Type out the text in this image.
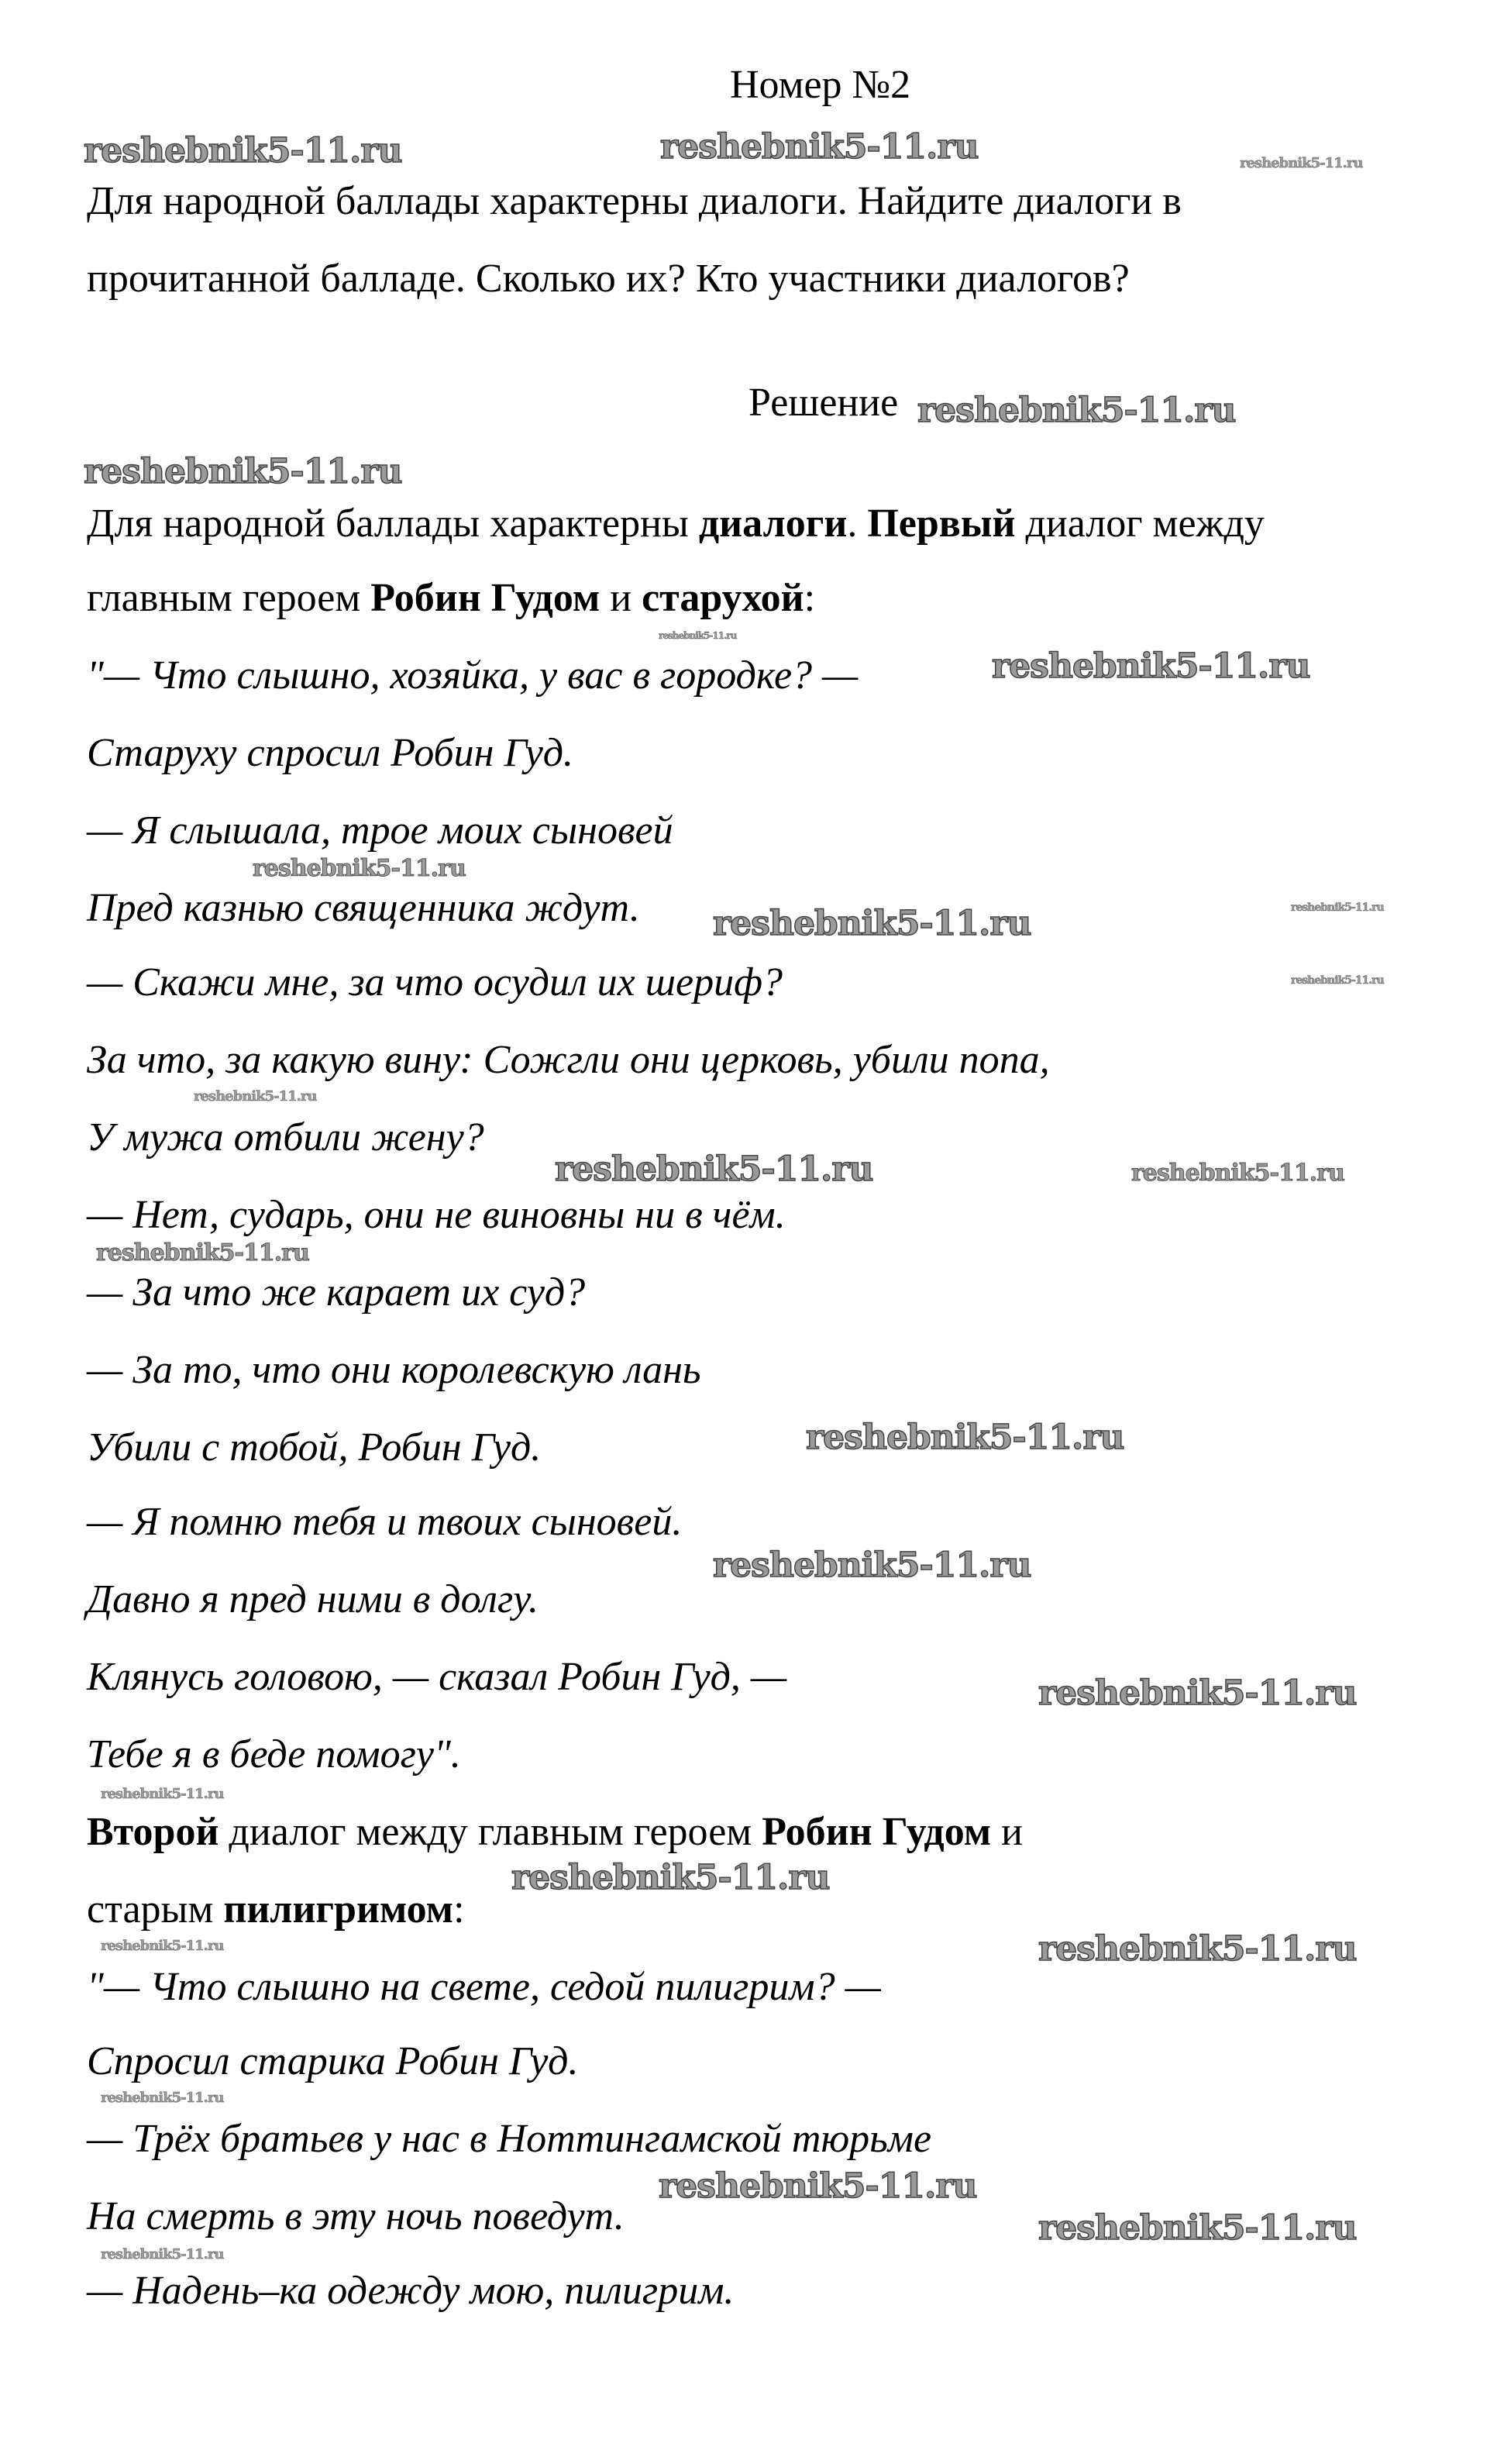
Номер №2
Для народной баллады характерны диалоги. Найдите диалоги в
прочитанной балладе. Сколько их? Кто участники диалогов?
Решение
Для народной баллады характерны диалоги. Первый диалог между
главным героем Робин Гудом и старухой:
"— Что слышно, хозяйка, у вас в городке? —
Старуху спросил Робин Гуд.
— Я слышала, трое моих сыновей
Пред казнью священника ждут.
— Скажи мне, за что осудил их шериф?
За что, за какую вину: Сожгли они церковь, убили попа,
У мужа отбили жену?
— Нет, сударь, они не виновны ни в чём.
— За что же карает их суд?
— За то, что они королевскую лань
Убили с тобой, Робин Гуд.
— Я помню тебя и твоих сыновей.
Давно я пред ними в долгу.
Клянусь головою, — сказал Робин Гуд, —
Тебе я в беде помогу".
Второй диалог между главным героем Робин Гудом и
старым пилигримом:
"— Что слышно на свете, седой пилигрим? —
Спросил старика Робин Гуд.
— Трёх братьев у нас в Ноттингамской тюрьме
На смерть в эту ночь поведут.
— Надень–ка одежду мою, пилигрим.
reshebnik5-11.ru	reshebnik5-11.ru	reshebnik5-11.ru
reshebnik5-11.ru
reshebnik5-11.ru
reshebnik5-11.ru
reshebnik5-11.ru
reshebnik5-11.ru
reshebnik5-11.ru	reshebnik5-11.ru
reshebnik5-11.ru
reshebnik5-11.ru
reshebnik5-11.ru	reshebnik5-11.ru
reshebnik5-11.ru
reshebnik5-11.ru
reshebnik5-11.ru
reshebnik5-11.ru
reshebnik5-11.ru
reshebnik5-11.ru
reshebnik5-11.ru	reshebnik5-11.ru
reshebnik5-11.ru
reshebnik5-11.ru
reshebnik5-11.ru
reshebnik5-11.ru
